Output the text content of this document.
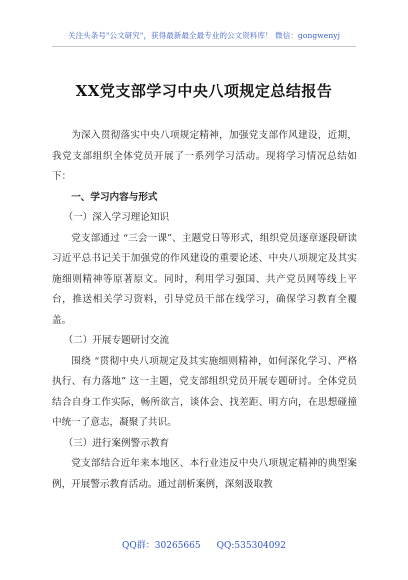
关注头条号"公文研究"，获得最新最全最专业的公文资料库！ 微信：gongwenyj
XX党支部学习中央八项规定总结报告

为深入贯彻落实中央八项规定精神，加强党支部作风建设，近期，我党支部组织全体党员开展了一系列学习活动。现将学习情况总结如下：

一、学习内容与形式

（一）深入学习理论知识

党支部通过 “三会一课”、主题党日等形式，组织党员逐章逐段研读习近平总书记关于加强党的作风建设的重要论述、中央八项规定及其实施细则精神等原著原文。同时，利用学习强国、共产党员网等线上平台，推送相关学习资料，引导党员干部在线学习，确保学习教育全覆盖。

（二）开展专题研讨交流

围绕 “贯彻中央八项规定及其实施细则精神，如何深化学习、严格执行、有力落地” 这一主题，党支部组织党员开展专题研讨。全体党员结合自身工作实际，畅所欲言，谈体会、找差距、明方向，在思想碰撞中统一了意志，凝聚了共识。

（三）进行案例警示教育

党支部结合近年来本地区、本行业违反中央八项规定精神的典型案例，开展警示教育活动。通过剖析案例，深刻汲取教

QQ群：30265665 QQ:535304092
